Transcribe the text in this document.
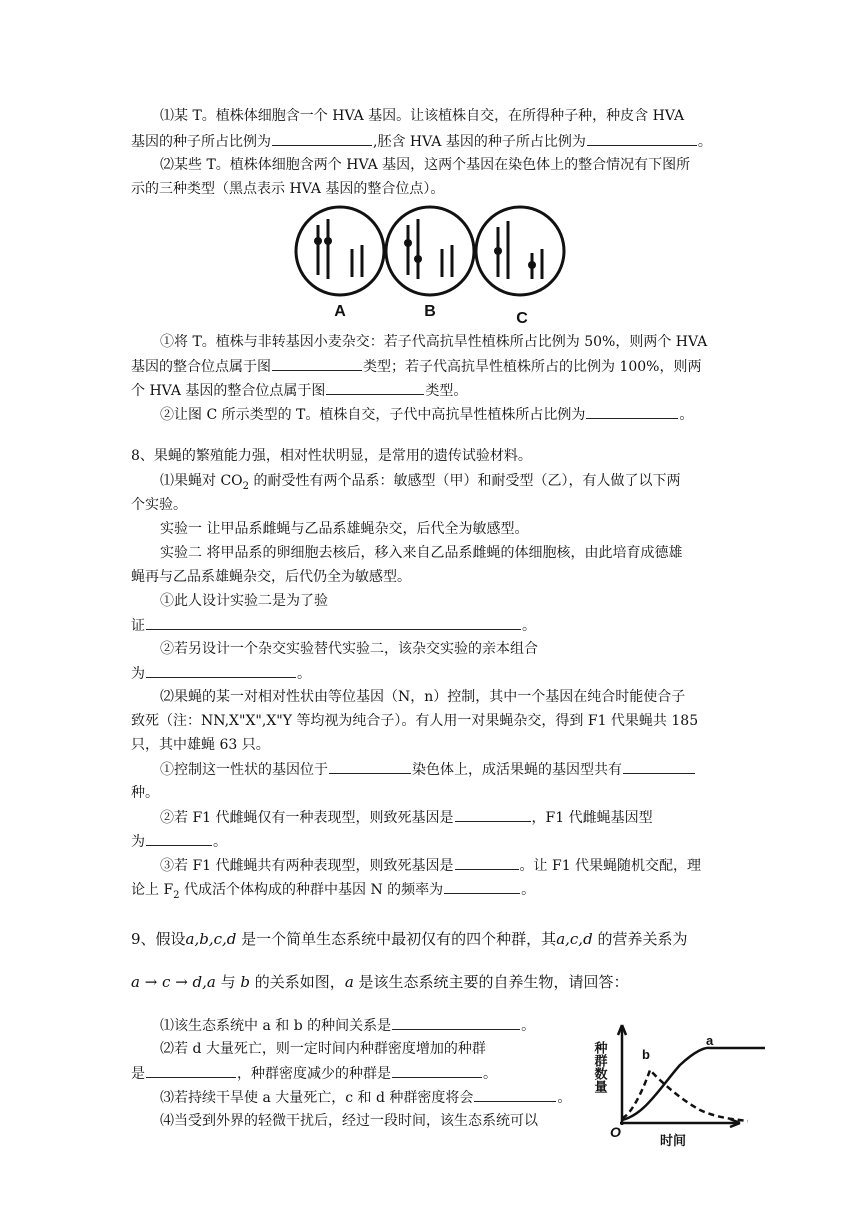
⑴某 T。植株体细胞含一个 HVA 基因。让该植株自交，在所得种子种，种皮含 HVA
基因的种子所占比例为	,胚含 HVA 基因的种子所占比例为	。
⑵某些 T。植株体细胞含两个 HVA 基因，这两个基因在染色体上的整合情况有下图所
示的三种类型（黑点表示 HVA 基因的整合位点）。
A	B	C
①将 T。植株与非转基因小麦杂交：若子代高抗旱性植株所占比例为 50%，则两个 HVA
基因的整合位点属于图	类型；若子代高抗旱性植株所占的比例为 100%，则两
个 HVA 基因的整合位点属于图	类型。
②让图 C 所示类型的 T。植株自交，子代中高抗旱性植株所占比例为	。
8、果蝇的繁殖能力强，相对性状明显，是常用的遗传试验材料。
⑴果蝇对 $CO_2$ 的耐受性有两个品系：敏感型（甲）和耐受型（乙），有人做了以下两
个实验。
实验一 让甲品系雌蝇与乙品系雄蝇杂交，后代全为敏感型。
实验二 将甲品系的卵细胞去核后，移入来自乙品系雌蝇的体细胞核，由此培育成德雄
蝇再与乙品系雄蝇杂交，后代仍全为敏感型。
①此人设计实验二是为了验
证	。
②若另设计一个杂交实验替代实验二，该杂交实验的亲本组合
为	。
⑵果蝇的某一对相对性状由等位基因（N，n）控制，其中一个基因在纯合时能使合子
致死（注：NN,X"X",X"Y 等均视为纯合子）。有人用一对果蝇杂交，得到 F1 代果蝇共 185
只，其中雄蝇 63 只。
①控制这一性状的基因位于	染色体上，成活果蝇的基因型共有
种。
②若 F1 代雌蝇仅有一种表现型，则致死基因是	，F1 代雌蝇基因型
为	。
③若 F1 代雌蝇共有两种表现型，则致死基因是	。让 F1 代果蝇随机交配，理
论上 $F_2$ 代成活个体构成的种群中基因 N 的频率为	。
9、假设a,b,c,d 是一个简单生态系统中最初仅有的四个种群，其a,c,d 的营养关系为
a → c → d,a 与 b 的关系如图，a 是该生态系统主要的自养生物，请回答：
⑴该生态系统中 a 和 b 的种间关系是	。
⑵若 d 大量死亡，则一定时间内种群密度增加的种群
是	，种群密度减少的种群是	。
⑶若持续干旱使 a 大量死亡，c 和 d 种群密度将会	。
⑷当受到外界的轻微干扰后，经过一段时间，该生态系统可以
a
b
O
时间
种群数量
